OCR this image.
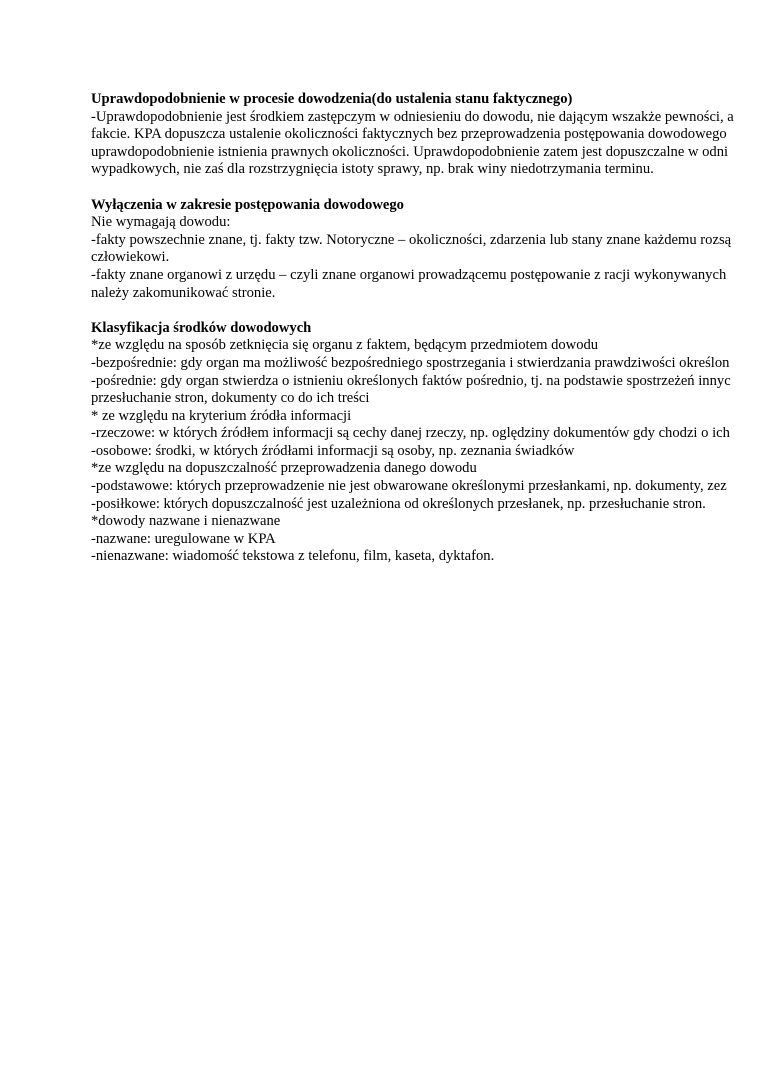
Uprawdopodobnienie w procesie dowodzenia(do ustalenia stanu faktycznego)
-Uprawdopodobnienie jest środkiem zastępczym w odniesieniu do dowodu, nie dającym wszakże pewności, a
fakcie. KPA dopuszcza ustalenie okoliczności faktycznych bez przeprowadzenia postępowania dowodowego
uprawdopodobnienie istnienia prawnych okoliczności. Uprawdopodobnienie zatem jest dopuszczalne w odni
wypadkowych, nie zaś dla rozstrzygnięcia istoty sprawy, np. brak winy niedotrzymania terminu.
Wyłączenia w zakresie postępowania dowodowego
Nie wymagają dowodu:
-fakty powszechnie znane, tj. fakty tzw. Notoryczne – okoliczności, zdarzenia lub stany znane każdemu rozsą
człowiekowi.
-fakty znane organowi z urzędu – czyli znane organowi prowadzącemu postępowanie z racji wykonywanych
należy zakomunikować stronie.
Klasyfikacja środków dowodowych
*ze względu na sposób zetknięcia się organu z faktem, będącym przedmiotem dowodu
-bezpośrednie: gdy organ ma możliwość bezpośredniego spostrzegania i stwierdzania prawdziwości określon
-pośrednie: gdy organ stwierdza o istnieniu określonych faktów pośrednio, tj. na podstawie spostrzeżeń innyc
przesłuchanie stron, dokumenty co do ich treści
* ze względu na kryterium źródła informacji
-rzeczowe: w których źródłem informacji są cechy danej rzeczy, np. oględziny dokumentów gdy chodzi o ich
-osobowe: środki, w których źródłami informacji są osoby, np. zeznania świadków
*ze względu na dopuszczalność przeprowadzenia danego dowodu
-podstawowe: których przeprowadzenie nie jest obwarowane określonymi przesłankami, np. dokumenty, zez
-posiłkowe: których dopuszczalność jest uzależniona od określonych przesłanek, np. przesłuchanie stron.
*dowody nazwane i nienazwane
-nazwane: uregulowane w KPA
-nienazwane: wiadomość tekstowa z telefonu, film, kaseta, dyktafon.
